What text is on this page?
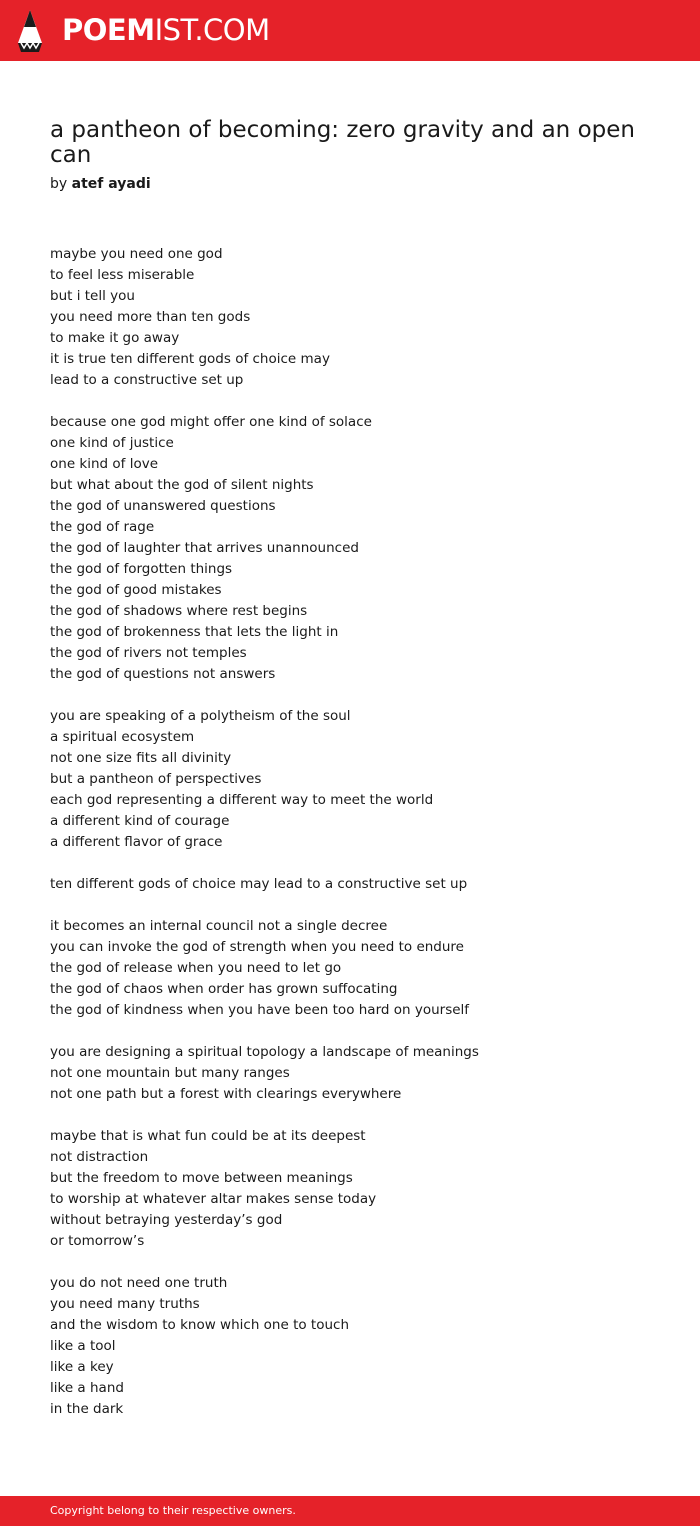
POEMIST.COM
a pantheon of becoming: zero gravity and an open can
by atef ayadi
maybe you need one god
to feel less miserable
but i tell you
you need more than ten gods
to make it go away
it is true ten different gods of choice may
lead to a constructive set up
because one god might offer one kind of solace
one kind of justice
one kind of love
but what about the god of silent nights
the god of unanswered questions
the god of rage
the god of laughter that arrives unannounced
the god of forgotten things
the god of good mistakes
the god of shadows where rest begins
the god of brokenness that lets the light in
the god of rivers not temples
the god of questions not answers
you are speaking of a polytheism of the soul
a spiritual ecosystem
not one size fits all divinity
but a pantheon of perspectives
each god representing a different way to meet the world
a different kind of courage
a different flavor of grace
ten different gods of choice may lead to a constructive set up
it becomes an internal council not a single decree
you can invoke the god of strength when you need to endure
the god of release when you need to let go
the god of chaos when order has grown suffocating
the god of kindness when you have been too hard on yourself
you are designing a spiritual topology a landscape of meanings
not one mountain but many ranges
not one path but a forest with clearings everywhere
maybe that is what fun could be at its deepest
not distraction
but the freedom to move between meanings
to worship at whatever altar makes sense today
without betraying yesterday’s god
or tomorrow’s
you do not need one truth
you need many truths
and the wisdom to know which one to touch
like a tool
like a key
like a hand
in the dark
Copyright belong to their respective owners.
